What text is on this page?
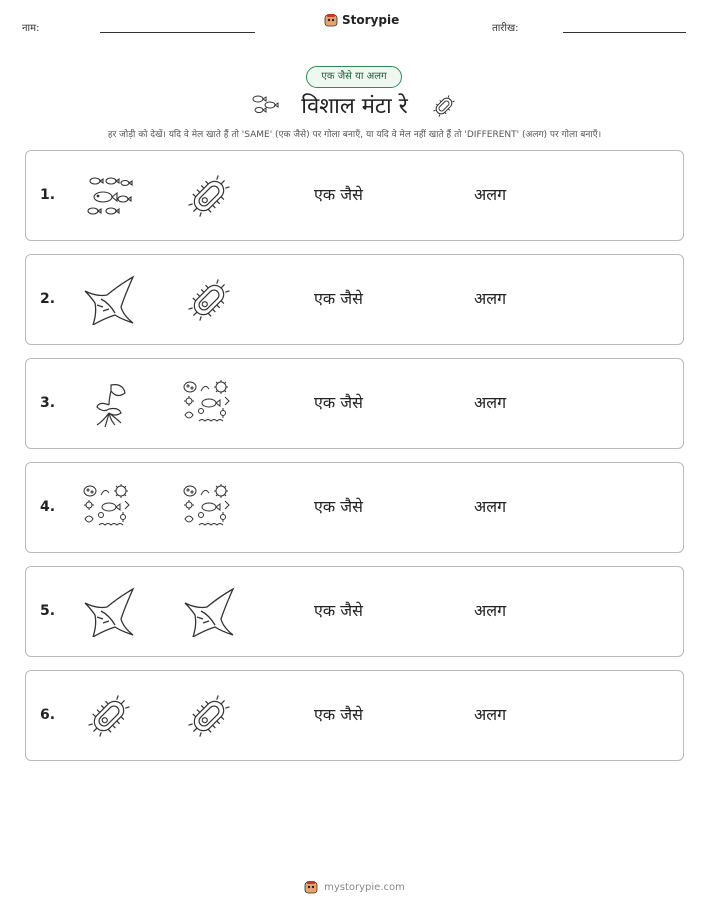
नाम:
Storypie
तारीख:
एक जैसे या अलग
विशाल मंटा रे
हर जोड़ी को देखें। यदि वे मेल खाते हैं तो 'SAME' (एक जैसे) पर गोला बनाएँ, या यदि वे मेल नहीं खाते हैं तो 'DIFFERENT' (अलग) पर गोला बनाएँ।
1.	एक जैसे	अलग
2.	एक जैसे	अलग
3.	एक जैसे	अलग
4.	एक जैसे	अलग
5.	एक जैसे	अलग
6.	एक जैसे	अलग
mystorypie.com
